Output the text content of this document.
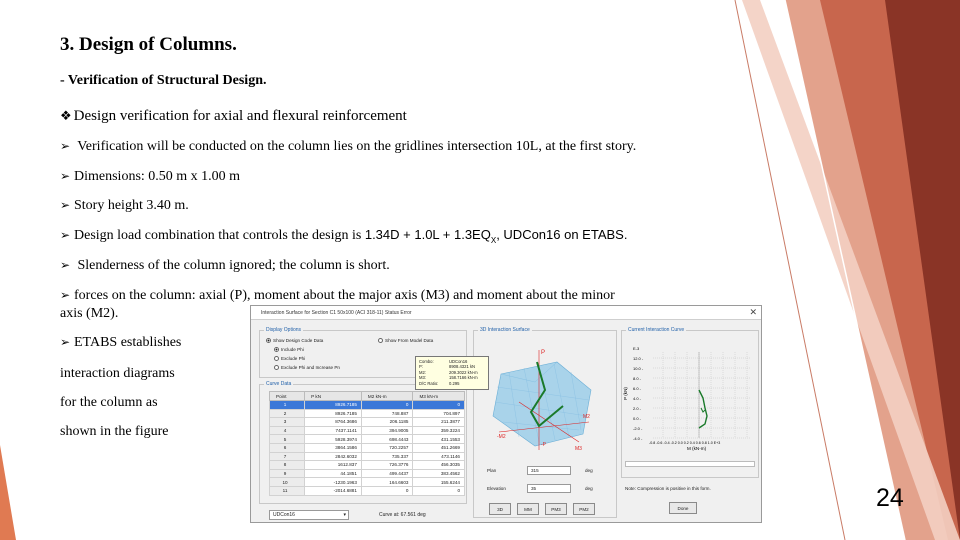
3. Design of Columns.
- Verification of Structural Design.
❖ Design verification for axial and flexural reinforcement
➢ Verification will be conducted on the column lies on the gridlines intersection 10L, at the first story.
➢ Dimensions: 0.50 m x 1.00 m
➢ Story height 3.40 m.
➢ Design load combination that controls the design is $1.34D + 1.0L + 1.3EQ_X$, UDCon16 on ETABS.
➢ Slenderness of the column ignored; the column is short.
➢ forces on the column: axial (P), moment about the major axis (M3) and moment about the minor
axis (M2).
➢ ETABS establishes
interaction diagrams
for the column as
shown in the figure
24
Interaction Surface for Section C1 50x100 (ACI 318-11) Status Error	✕
Display Options
Show Design Code Data	Show From Model Data
Include Phi
Exclude Phi
Exclude Phi and Increase Pn
Curve Data
Point	P kN	M2 kN-m	M3 kN-m
1	8926.7185	0	0
2	8926.7185	748.887	704.897
3	8764.3686	206.1185	211.3877
4	7437.1141	394.9005	359.3224
5	5928.3974	698.4443	431.1553
6	3864.1586	720.2257	451.2669
7	2842.6032	735.337	473.1146
8	1612.837	726.3776	456.3035
9	44.1851	499.4437	383.4562
10	-1230.1963	164.6603	155.6244
11	-2014.6881	0	0
UDCon16	▾	Curve at: 67.561 deg
3D Interaction Surface
P
M2
M3
-P
-M2
Combo:	UDCon16
P:	8908.4321 kN
M2:	209.3022 kN-m
M3:	158.7166 kN-m
D/C Ratio:	0.295
Plan	315	deg
Elevation	35	deg
3D	MM	PM3	PM2
Current Interaction Curve
E-3
12.0 -
10.0 -
8.0 -
6.0 -
4.0 -
2.0 -
0.0 -
-2.0 -
-4.0 -
P (kN)
-0.8 -0.6 -0.4 -0.2 0.0 0.2 0.4 0.6 0.8 1.0 E+3
M (kN-m)
Note: Compression is positive in this form.
Done
